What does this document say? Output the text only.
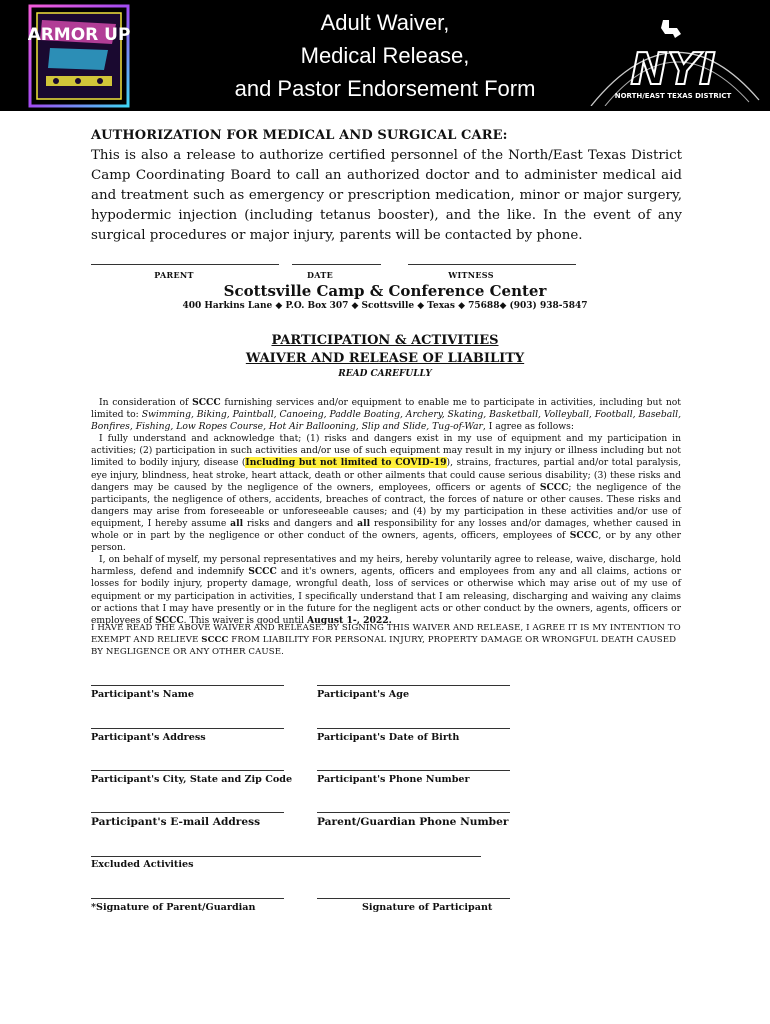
ARMOR UP	Adult Waiver,
Medical Release,
and Pastor Endorsement Form	NYI
NORTH/EAST TEXAS DISTRICT
AUTHORIZATION FOR MEDICAL AND SURGICAL CARE:
This is also a release to authorize certified personnel of the North/East Texas District Camp Coordinating Board to call an authorized doctor and to administer medical aid and treatment such as emergency or prescription medication, minor or major surgery, hypodermic injection (including tetanus booster), and the like. In the event of any surgical procedures or major injury, parents will be contacted by phone.
PARENT	DATE	WITNESS
Scottsville Camp & Conference Center
400 Harkins Lane ◆ P.O. Box 307 ◆ Scottsville ◆ Texas ◆ 75688◆ (903) 938-5847
PARTICIPATION & ACTIVITIES
WAIVER AND RELEASE OF LIABILITY
READ CAREFULLY

In consideration of SCCC furnishing services and/or equipment to enable me to participate in activities, including but not limited to: Swimming, Biking, Paintball, Canoeing, Paddle Boating, Archery, Skating, Basketball, Volleyball, Football, Baseball, Bonfires, Fishing, Low Ropes Course, Hot Air Ballooning, Slip and Slide, Tug-of-War, I agree as follows:

I fully understand and acknowledge that; (1) risks and dangers exist in my use of equipment and my participation in activities; (2) participation in such activities and/or use of such equipment may result in my injury or illness including but not limited to bodily injury, disease (Including but not limited to COVID-19), strains, fractures, partial and/or total paralysis, eye injury, blindness, heat stroke, heart attack, death or other ailments that could cause serious disability; (3) these risks and dangers may be caused by the negligence of the owners, employees, officers or agents of SCCC; the negligence of the participants, the negligence of others, accidents, breaches of contract, the forces of nature or other causes. These risks and dangers may arise from foreseeable or unforeseeable causes; and (4) by my participation in these activities and/or use of equipment, I hereby assume all risks and dangers and all responsibility for any losses and/or damages, whether caused in whole or in part by the negligence or other conduct of the owners, agents, officers, employees of SCCC, or by any other person.

I, on behalf of myself, my personal representatives and my heirs, hereby voluntarily agree to release, waive, discharge, hold harmless, defend and indemnify SCCC and it's owners, agents, officers and employees from any and all claims, actions or losses for bodily injury, property damage, wrongful death, loss of services or otherwise which may arise out of my use of equipment or my participation in activities, I specifically understand that I am releasing, discharging and waiving any claims or actions that I may have presently or in the future for the negligent acts or other conduct by the owners, agents, officers or employees of SCCC. This waiver is good until August 1-, 2022.

I HAVE READ THE ABOVE WAIVER AND RELEASE. BY SIGNING THIS WAIVER AND RELEASE, I AGREE IT IS MY INTENTION TO EXEMPT AND RELIEVE SCCC FROM LIABILITY FOR PERSONAL INJURY, PROPERTY DAMAGE OR WRONGFUL DEATH CAUSED BY NEGLIGENCE OR ANY OTHER CAUSE.
Participant's Name	Participant's Age
Participant's Address	Participant's Date of Birth
Participant's City, State and Zip Code	Participant's Phone Number
Participant's E-mail Address	Parent/Guardian Phone Number
Excluded Activities
*Signature of Parent/Guardian	Signature of Participant
